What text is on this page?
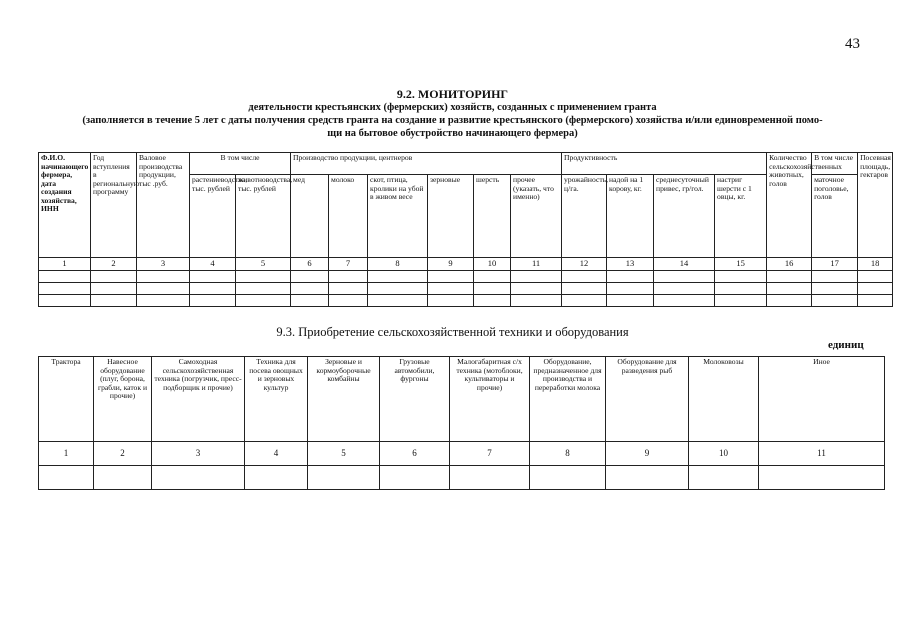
43
9.2. МОНИТОРИНГ
деятельности крестьянских (фермерских) хозяйств, созданных с применением гранта
(заполняется в течение 5 лет с даты получения средств гранта на создание и развитие крестьянского (фермерского) хозяйства и/или единовременной помо-
щи на бытовое обустройство начинающего фермера)
Ф.И.О. начинающего фермера, дата создания хозяйства, ИНН	Год вступления в региональную программу	Валовое производства продукции, тыс .руб.	В том числе		Производство продукции, центнеров						Продуктивность				Количество сельскохозяйственных животных, голов	В том числе	Посевная площадь, гектаров
			растениеводства, тыс. рублей	животноводства, тыс. рублей	мед	молоко	скот, птица, кролики на убой в живом весе	зерновые	шерсть	прочее (указать, что именно)	урожайность, ц/га.	надой на 1 корову, кг.	среднесуточный привес, гр/гол.	настриг шерсти с 1 овцы, кг.		маточное поголовье, голов	
1	2	3	4	5	6	7	8	9	10	11	12	13	14	15	16	17	18

9.3. Приобретение сельскохозяйственной техники и оборудования
единиц
Трактора	Навесное оборудование (плуг, борона, грабли, каток и прочие)	Самоходная сельскохозяйственная техника (погрузчик, пресс-подборщик и прочие)	Техника для посева овощных и зерновых культур	Зерновые и кормоуборочные комбайны	Грузовые автомобили, фургоны	Малогабаритная с/х техника (мотоблоки, культиваторы и прочие)	Оборудование, предназначенное для производства и переработки молока	Оборудование для разведения рыб	Молоковозы	Иное
1	2	3	4	5	6	7	8	9	10	11
